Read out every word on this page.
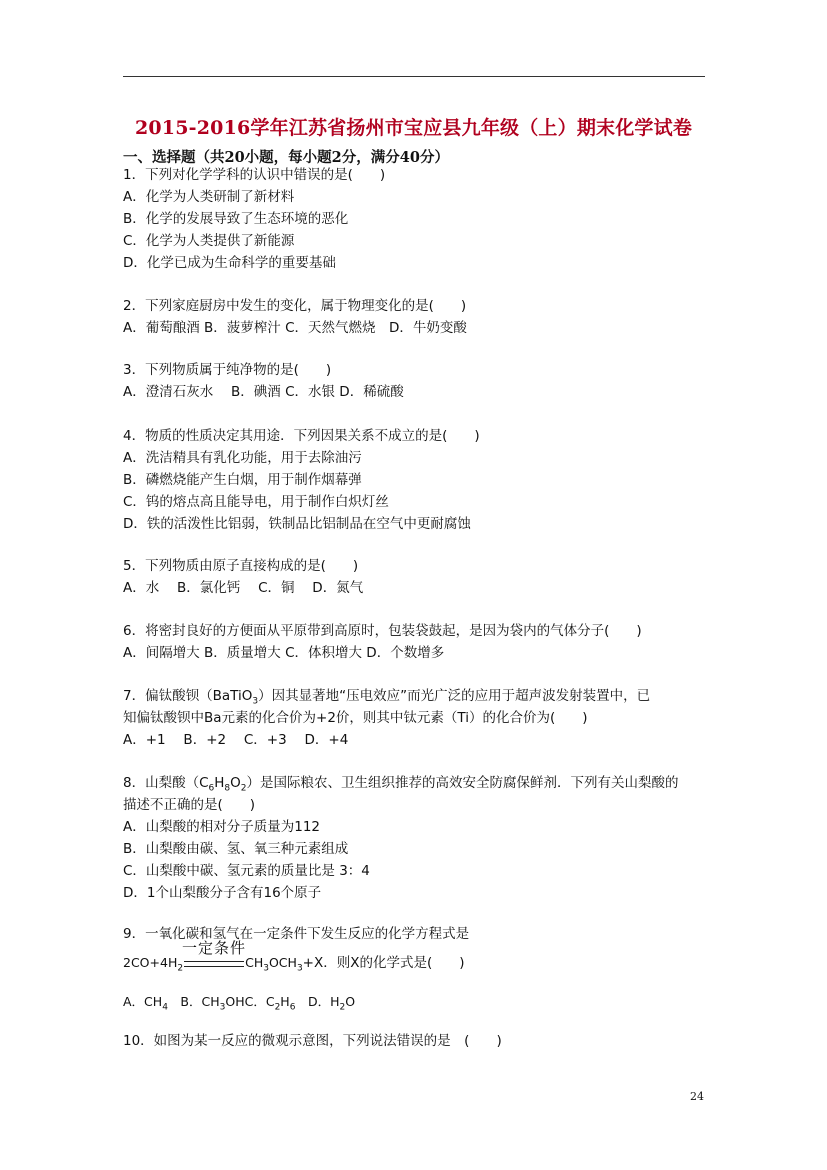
2015-2016学年江苏省扬州市宝应县九年级（上）期末化学试卷
一、选择题（共20小题，每小题2分，满分40分）
1．下列对化学学科的认识中错误的是(　　)
A．化学为人类研制了新材料
B．化学的发展导致了生态环境的恶化
C．化学为人类提供了新能源
D．化学已成为生命科学的重要基础
2．下列家庭厨房中发生的变化，属于物理变化的是(　　)
A．葡萄酿酒 B．菠萝榨汁 C．天然气燃烧　D．牛奶变酸
3．下列物质属于纯净物的是(　　)
A．澄清石灰水　 B．碘酒 C．水银 D．稀硫酸
4．物质的性质决定其用途．下列因果关系不成立的是(　　)
A．洗洁精具有乳化功能，用于去除油污
B．磷燃烧能产生白烟，用于制作烟幕弹
C．钨的熔点高且能导电，用于制作白炽灯丝
D．铁的活泼性比铝弱，铁制品比铝制品在空气中更耐腐蚀
5．下列物质由原子直接构成的是(　　)
A．水　 B．氯化钙　 C．铜　 D．氮气
6．将密封良好的方便面从平原带到高原时，包装袋鼓起，是因为袋内的气体分子(　　)
A．间隔增大 B．质量增大 C．体积增大 D．个数增多
7．偏钛酸钡（BaTiO$_3$）因其显著地“压电效应”而光广泛的应用于超声波发射装置中，已
知偏钛酸钡中Ba元素的化合价为+2价，则其中钛元素（Ti）的化合价为(　　)
A．+1　 B．+2　 C．+3　 D．+4
8．山梨酸$(C_6H_8O_2)$是国际粮农、卫生组织推荐的高效安全防腐保鲜剂．下列有关山梨酸的
描述不正确的是(　　)
A．山梨酸的相对分子质量为112
B．山梨酸由碳、氢、氧三种元素组成
C．山梨酸中碳、氢元素的质量比是 3：4
D．1个山梨酸分子含有16个原子
9．一氧化碳和氢气在一定条件下发生反应的化学方程式是
一定条件
$2CO+4H_2$	$CH_3OCH_3+X$．则X的化学式是(　　)
A．$CH_4$　B．$CH_3OHC$．$C_2H_6$　D．$H_2O$
10．如图为某一反应的微观示意图，下列说法错误的是　(　　)
24
